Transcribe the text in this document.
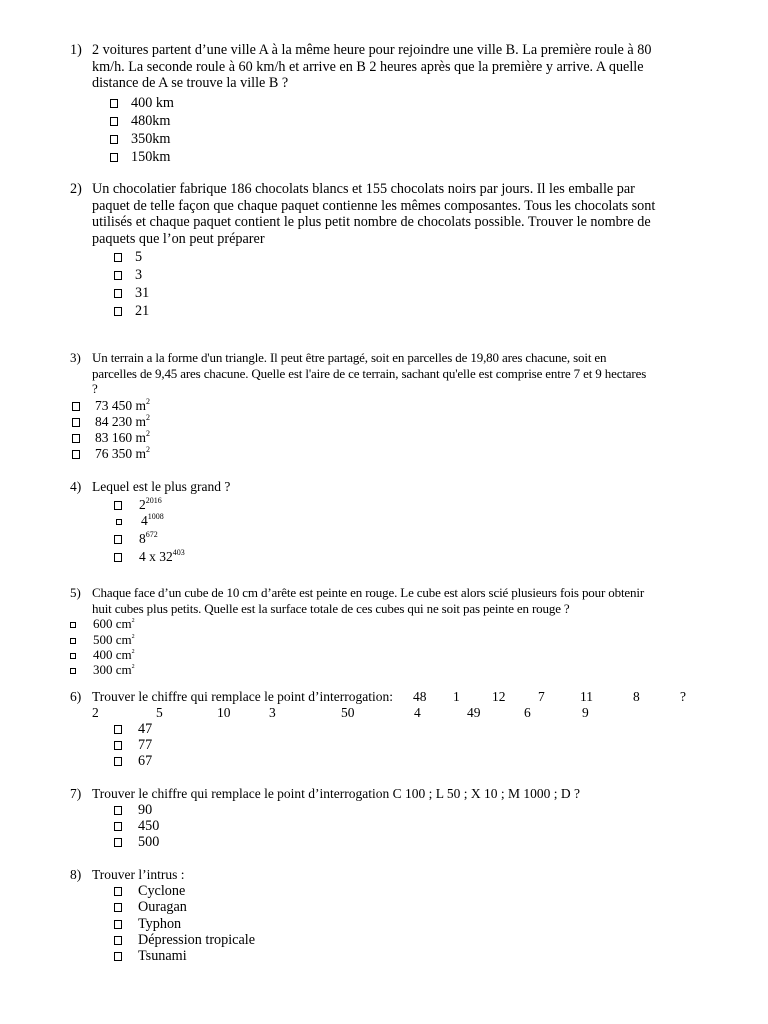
1) 2 voitures partent d’une ville A à la même heure pour rejoindre une ville B. La première roule à 80
km/h. La seconde roule à 60 km/h et arrive en B 2 heures après que la première y arrive. A quelle
distance de A se trouve la ville B ?
400 km
480km
350km
150km
2) Un chocolatier fabrique 186 chocolats blancs et 155 chocolats noirs par jours. Il les emballe par
paquet de telle façon que chaque paquet contienne les mêmes composantes. Tous les chocolats sont
utilisés et chaque paquet contient le plus petit nombre de chocolats possible. Trouver le nombre de
paquets que l’on peut préparer
5
3
31
21
3) Un terrain a la forme d'un triangle. Il peut être partagé, soit en parcelles de 19,80 ares chacune, soit en
parcelles de 9,45 ares chacune. Quelle est l'aire de ce terrain, sachant qu'elle est comprise entre 7 et 9 hectares
?
73 450 $m^2$
84 230 $m^2$
83 160 $m^2$
76 350 $m^2$
4) Lequel est le plus grand ?
$2^{2016}$
$4^{1008}$
$8^{672}$
4 x $32^{403}$
5) Chaque face d’un cube de 10 cm d’arête est peinte en rouge. Le cube est alors scié plusieurs fois pour obtenir
huit cubes plus petits. Quelle est la surface totale de ces cubes qui ne soit pas peinte en rouge ?
600 $cm^2$
500 $cm^2$
400 $cm^2$
300 $cm^2$
6) Trouver le chiffre qui remplace le point d’interrogation:	48 1 12 7	11	8	?
2	5	10	3	50	4	49	6	9
47
77
67
7) Trouver le chiffre qui remplace le point d’interrogation C 100 ; L 50 ; X 10 ; M 1000 ; D ?
90
450
500
8) Trouver l’intrus :
Cyclone
Ouragan
Typhon
Dépression tropicale
Tsunami
